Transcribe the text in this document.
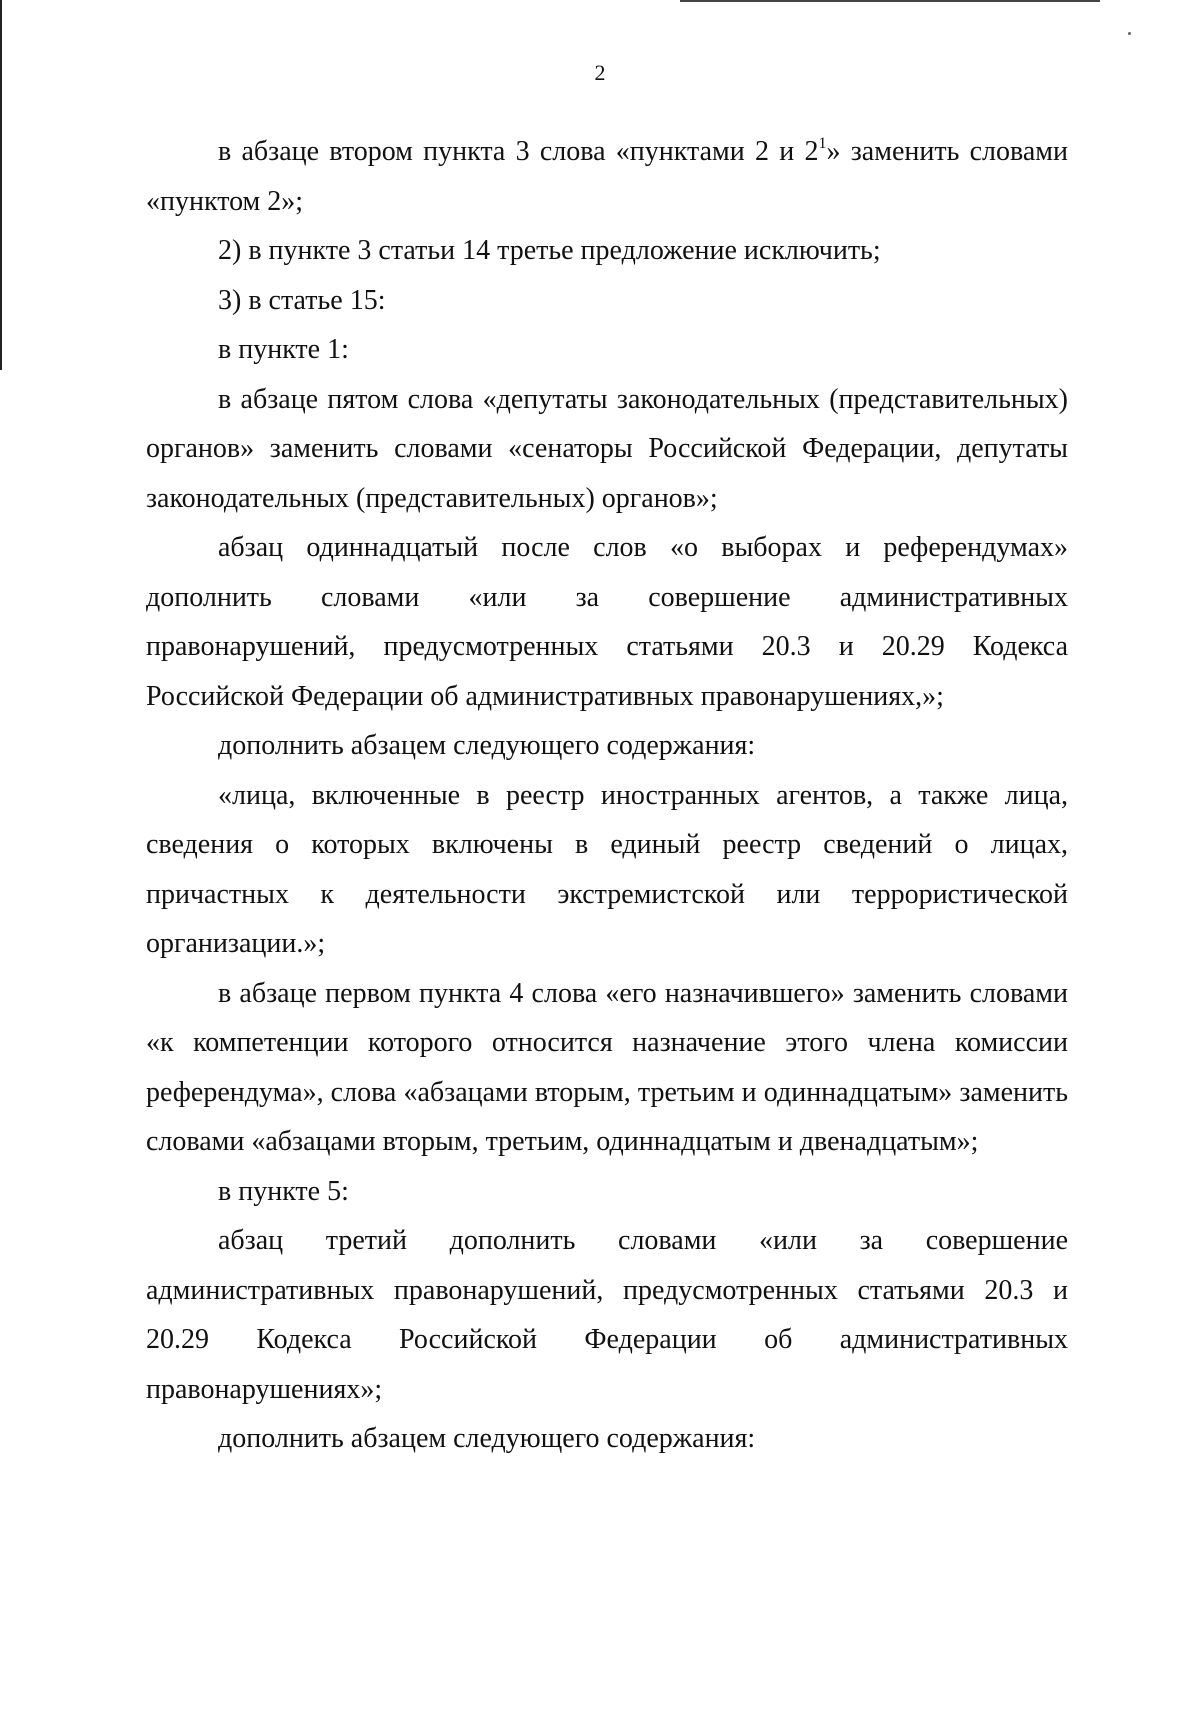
2

в абзаце втором пункта 3 слова «пунктами 2 и $2^1$» заменить словами «пунктом 2»;

2) в пункте 3 статьи 14 третье предложение исключить;

3) в статье 15:

в пункте 1:

в абзаце пятом слова «депутаты законодательных (представительных) органов» заменить словами «сенаторы Российской Федерации, депутаты законодательных (представительных) органов»;

абзац одиннадцатый после слов «о выборах и референдумах» дополнить словами «или за совершение административных правонарушений, предусмотренных статьями 20.3 и 20.29 Кодекса Российской Федерации об административных правонарушениях,»;

дополнить абзацем следующего содержания:

«лица, включенные в реестр иностранных агентов, а также лица, сведения о которых включены в единый реестр сведений о лицах, причастных к деятельности экстремистской или террористической организации.»;

в абзаце первом пункта 4 слова «его назначившего» заменить словами «к компетенции которого относится назначение этого члена комиссии референдума», слова «абзацами вторым, третьим и одиннадцатым» заменить словами «абзацами вторым, третьим, одиннадцатым и двенадцатым»;

в пункте 5:

абзац третий дополнить словами «или за совершение административных правонарушений, предусмотренных статьями 20.3 и 20.29 Кодекса Российской Федерации об административных правонарушениях»;

дополнить абзацем следующего содержания:
